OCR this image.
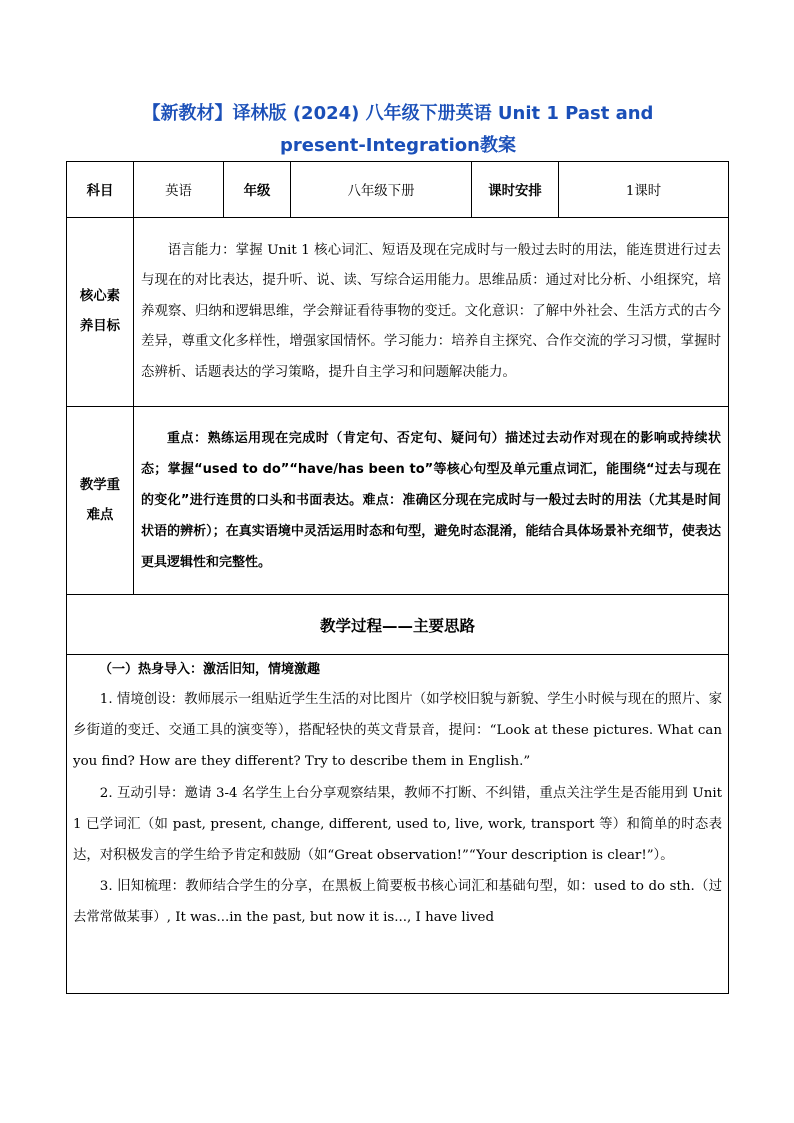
【新教材】译林版 (2024) 八年级下册英语 Unit 1 Past and
present-Integration教案
科目	英语	年级	八年级下册	课时安排	1课时

核心素
养目标	语言能力：掌握 Unit 1 核心词汇、短语及现在完成时与一般过去时的用法，能连贯进行过去与现在的对比表达，提升听、说、读、写综合运用能力。思维品质：通过对比分析、小组探究，培养观察、归纳和逻辑思维，学会辩证看待事物的变迁。文化意识：了解中外社会、生活方式的古今差异，尊重文化多样性，增强家国情怀。学习能力：培养自主探究、合作交流的学习习惯，掌握时态辨析、话题表达的学习策略，提升自主学习和问题解决能力。				

教学重
难点	重点：熟练运用现在完成时（肯定句、否定句、疑问句）描述过去动作对现在的影响或持续状态；掌握“used to do”“have/has been to”等核心句型及单元重点词汇，能围绕“过去与现在的变化”进行连贯的口头和书面表达。难点：准确区分现在完成时与一般过去时的用法（尤其是时间状语的辨析）；在真实语境中灵活运用时态和句型，避免时态混淆，能结合具体场景补充细节，使表达更具逻辑性和完整性。				

教学过程——主要思路					

（一）热身导入：激活旧知，情境激趣

1. 情境创设：教师展示一组贴近学生生活的对比图片（如学校旧貌与新貌、学生小时候与现在的照片、家乡街道的变迁、交通工具的演变等），搭配轻快的英文背景音，提问：“Look at these pictures. What can you find? How are they different? Try to describe them in English.”

2. 互动引导：邀请 3-4 名学生上台分享观察结果，教师不打断、不纠错，重点关注学生是否能用到 Unit 1 已学词汇（如 past, present, change, different, used to, live, work, transport 等）和简单的时态表达，对积极发言的学生给予肯定和鼓励（如“Great observation!”“Your description is clear!”）。

3. 旧知梳理：教师结合学生的分享，在黑板上简要板书核心词汇和基础句型，如：used to do sth.（过去常常做某事）, It was...in the past, but now it is..., I have lived					
